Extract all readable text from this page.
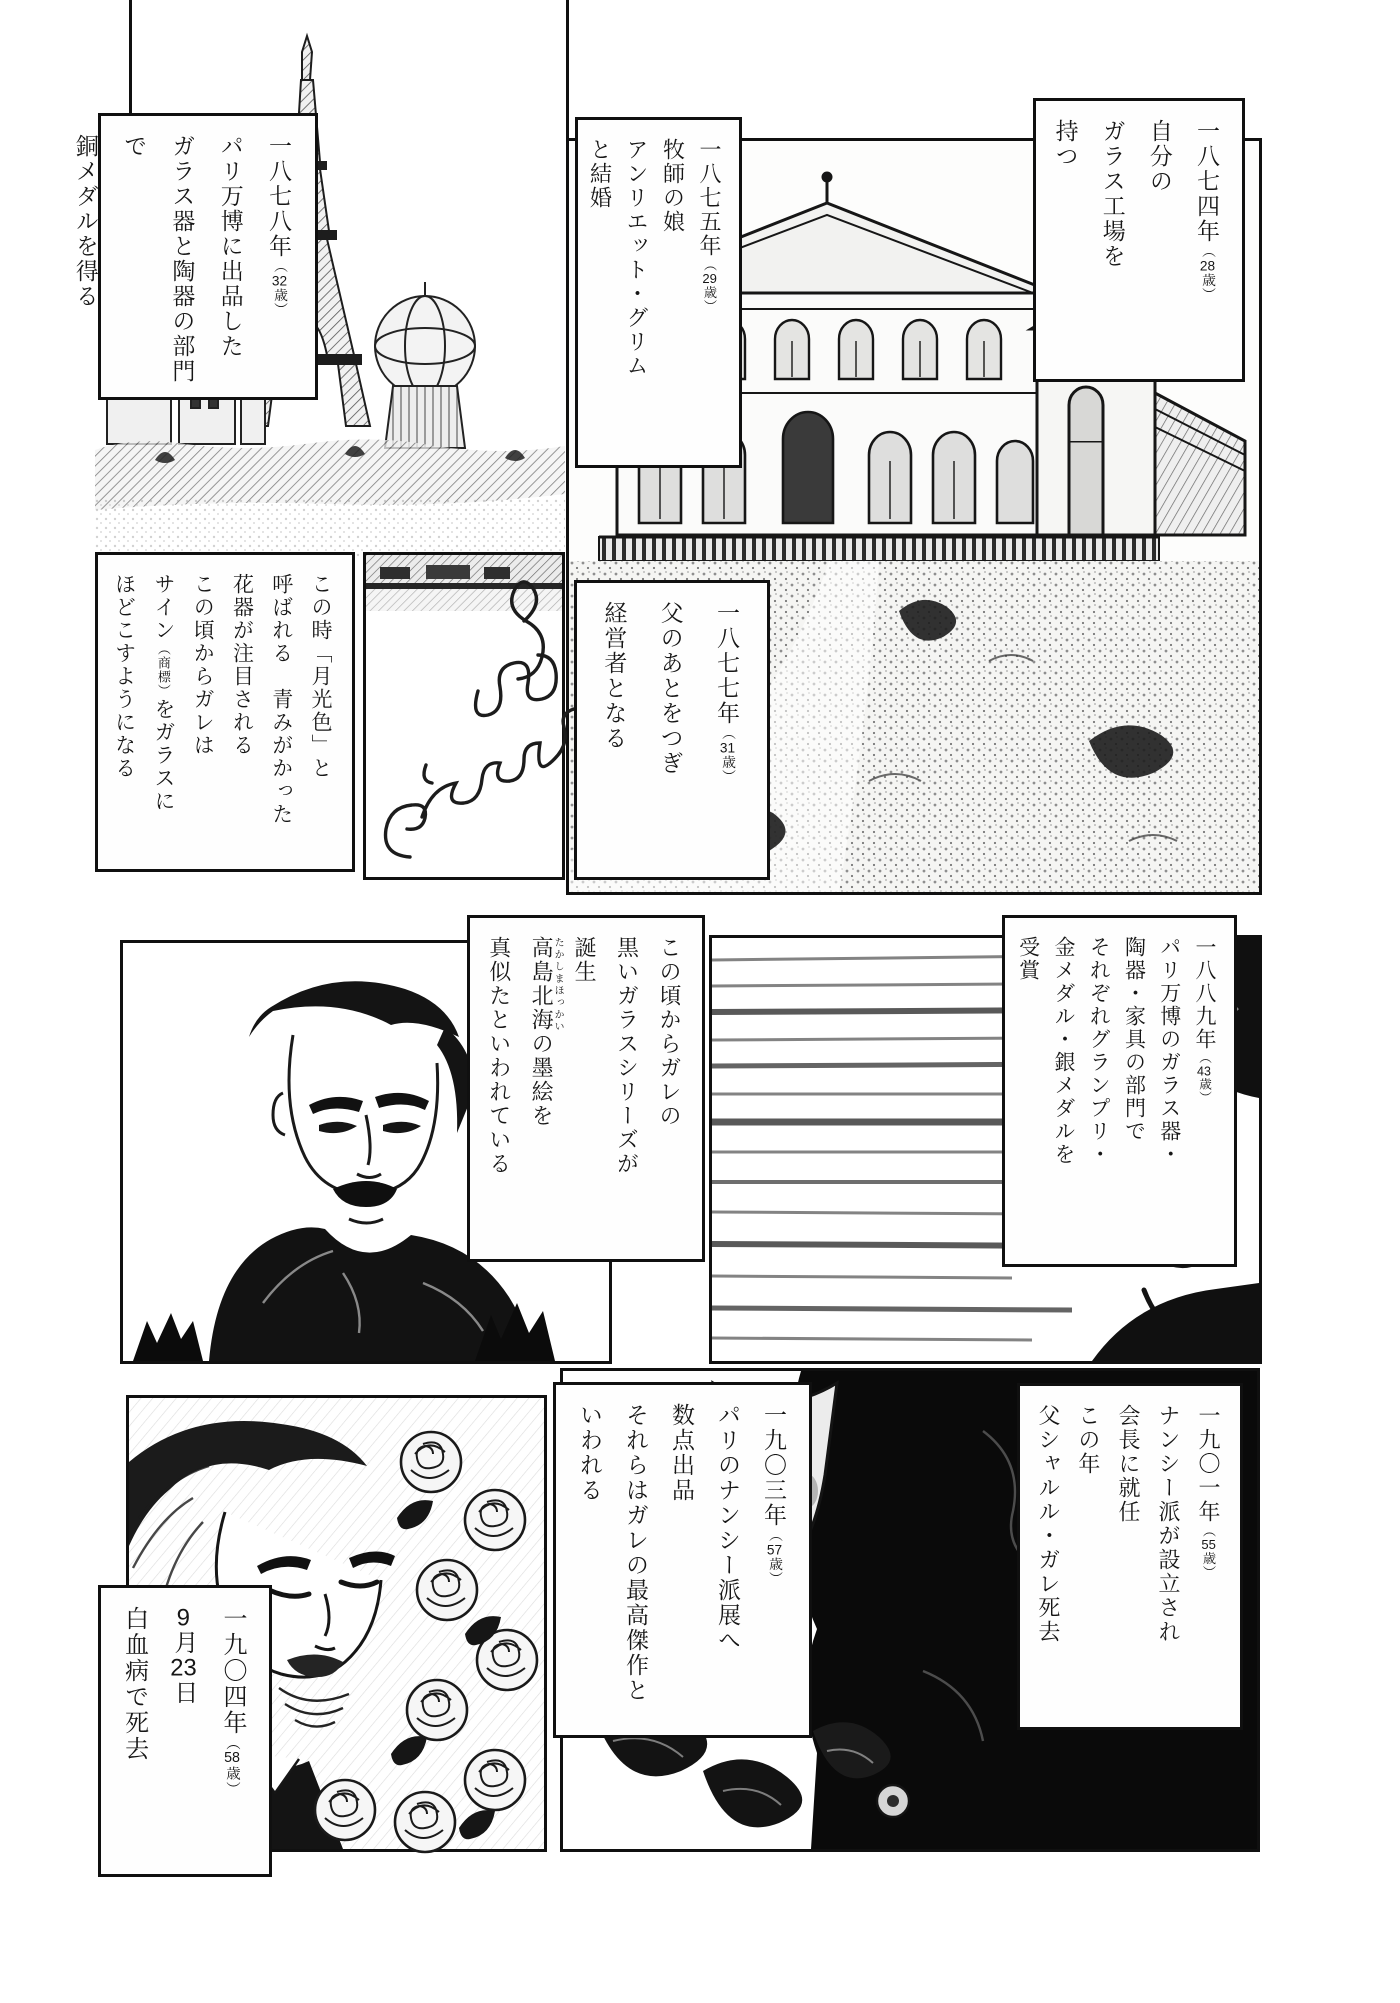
一八七八年（32歳）
パリ万博に出品した
ガラス器と陶器の部門で
銅メダルを得る	一八七五年（29歳）
牧師の娘
アンリエット・グリム
と結婚	一八七四年（28歳）
自分の
ガラス工場を
持つ
一八七七年（31歳）
父のあとをつぎ
経営者となる
この時「月光色」と
呼ばれる　青みがかった
花器が注目される
この頃からガレは
サイン（商標）をガラスに
ほどこすようになる
一八八九年（43歳）
パリ万博のガラス器・
陶器・家具の部門で
それぞれグランプリ・
金メダル・銀メダルを
受賞
この頃からガレの
黒いガラスシリーズが
誕生
高島北海たかしまほっかいの墨絵を
真似たといわれている
一九〇一年（55歳）
ナンシー派が設立され
会長に就任
この年
父シャルル・ガレ死去
一九〇三年（57歳）
パリのナンシー派展へ
数点出品
それらはガレの最高傑作と
いわれる
一九〇四年（58歳）
9月23日
白血病で死去
